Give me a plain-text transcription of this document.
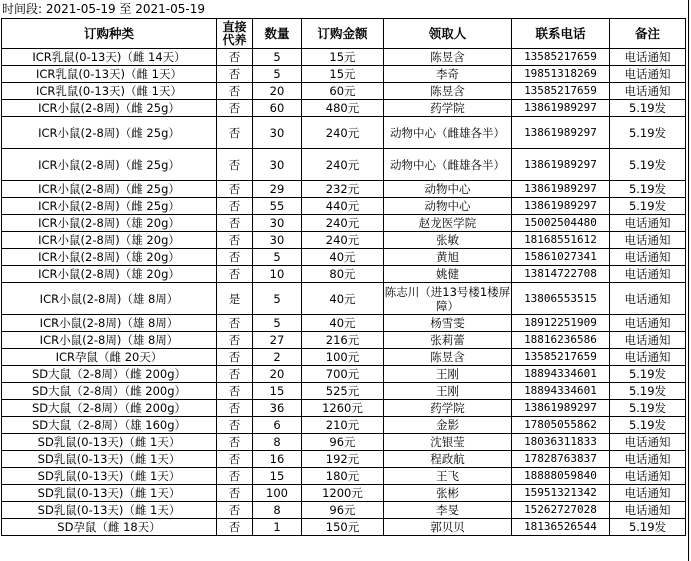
时间段: 2021-05-19 至 2021-05-19
订购种类	直接代养	数量	订购金额	领取人	联系电话	备注
ICR乳鼠(0-13天)（雌 14天）	否	5	15元	陈昱含	13585217659	电话通知
ICR乳鼠(0-13天)（雌 1天）	否	5	15元	李奇	19851318269	电话通知
ICR乳鼠(0-13天)（雌 1天）	否	20	60元	陈昱含	13585217659	电话通知
ICR小鼠(2-8周)（雌 25g）	否	60	480元	药学院	13861989297	5.19发
ICR小鼠(2-8周)（雌 25g）	否	30	240元	动物中心（雌雄各半）	13861989297	5.19发
ICR小鼠(2-8周)（雌 25g）	否	30	240元	动物中心（雌雄各半）	13861989297	5.19发
ICR小鼠(2-8周)（雌 25g）	否	29	232元	动物中心	13861989297	5.19发
ICR小鼠(2-8周)（雌 25g）	否	55	440元	动物中心	13861989297	5.19发
ICR小鼠(2-8周)（雄 20g）	否	30	240元	赵龙医学院	15002504480	电话通知
ICR小鼠(2-8周)（雄 20g）	否	30	240元	张敏	18168551612	电话通知
ICR小鼠(2-8周)（雄 20g）	否	5	40元	黄旭	15861027341	电话通知
ICR小鼠(2-8周)（雄 20g）	否	10	80元	姚健	13814722708	电话通知
ICR小鼠(2-8周)（雄 8周）	是	5	40元	陈志川（进13号楼1楼屏障）	13806553515	电话通知
ICR小鼠(2-8周)（雄 8周）	否	5	40元	杨雪雯	18912251909	电话通知
ICR小鼠(2-8周)（雄 8周）	否	27	216元	张莉蕾	18816236586	电话通知
ICR孕鼠（雌 20天）	否	2	100元	陈昱含	13585217659	电话通知
SD大鼠（2-8周）（雌 200g）	否	20	700元	王刚	18894334601	5.19发
SD大鼠（2-8周）（雌 200g）	否	15	525元	王刚	18894334601	5.19发
SD大鼠（2-8周）（雌 200g）	否	36	1260元	药学院	13861989297	5.19发
SD大鼠（2-8周）（雄 160g）	否	6	210元	金影	17805055862	5.19发
SD乳鼠(0-13天)（雌 1天）	否	8	96元	沈银莹	18036311833	电话通知
SD乳鼠(0-13天)（雌 1天）	否	16	192元	程政航	17828763837	电话通知
SD乳鼠(0-13天)（雌 1天）	否	15	180元	王飞	18888059840	电话通知
SD乳鼠(0-13天)（雌 1天）	否	100	1200元	张彬	15951321342	电话通知
SD乳鼠(0-13天)（雌 1天）	否	8	96元	李旻	15262727028	电话通知
SD孕鼠（雌 18天）	否	1	150元	郭贝贝	18136526544	5.19发
